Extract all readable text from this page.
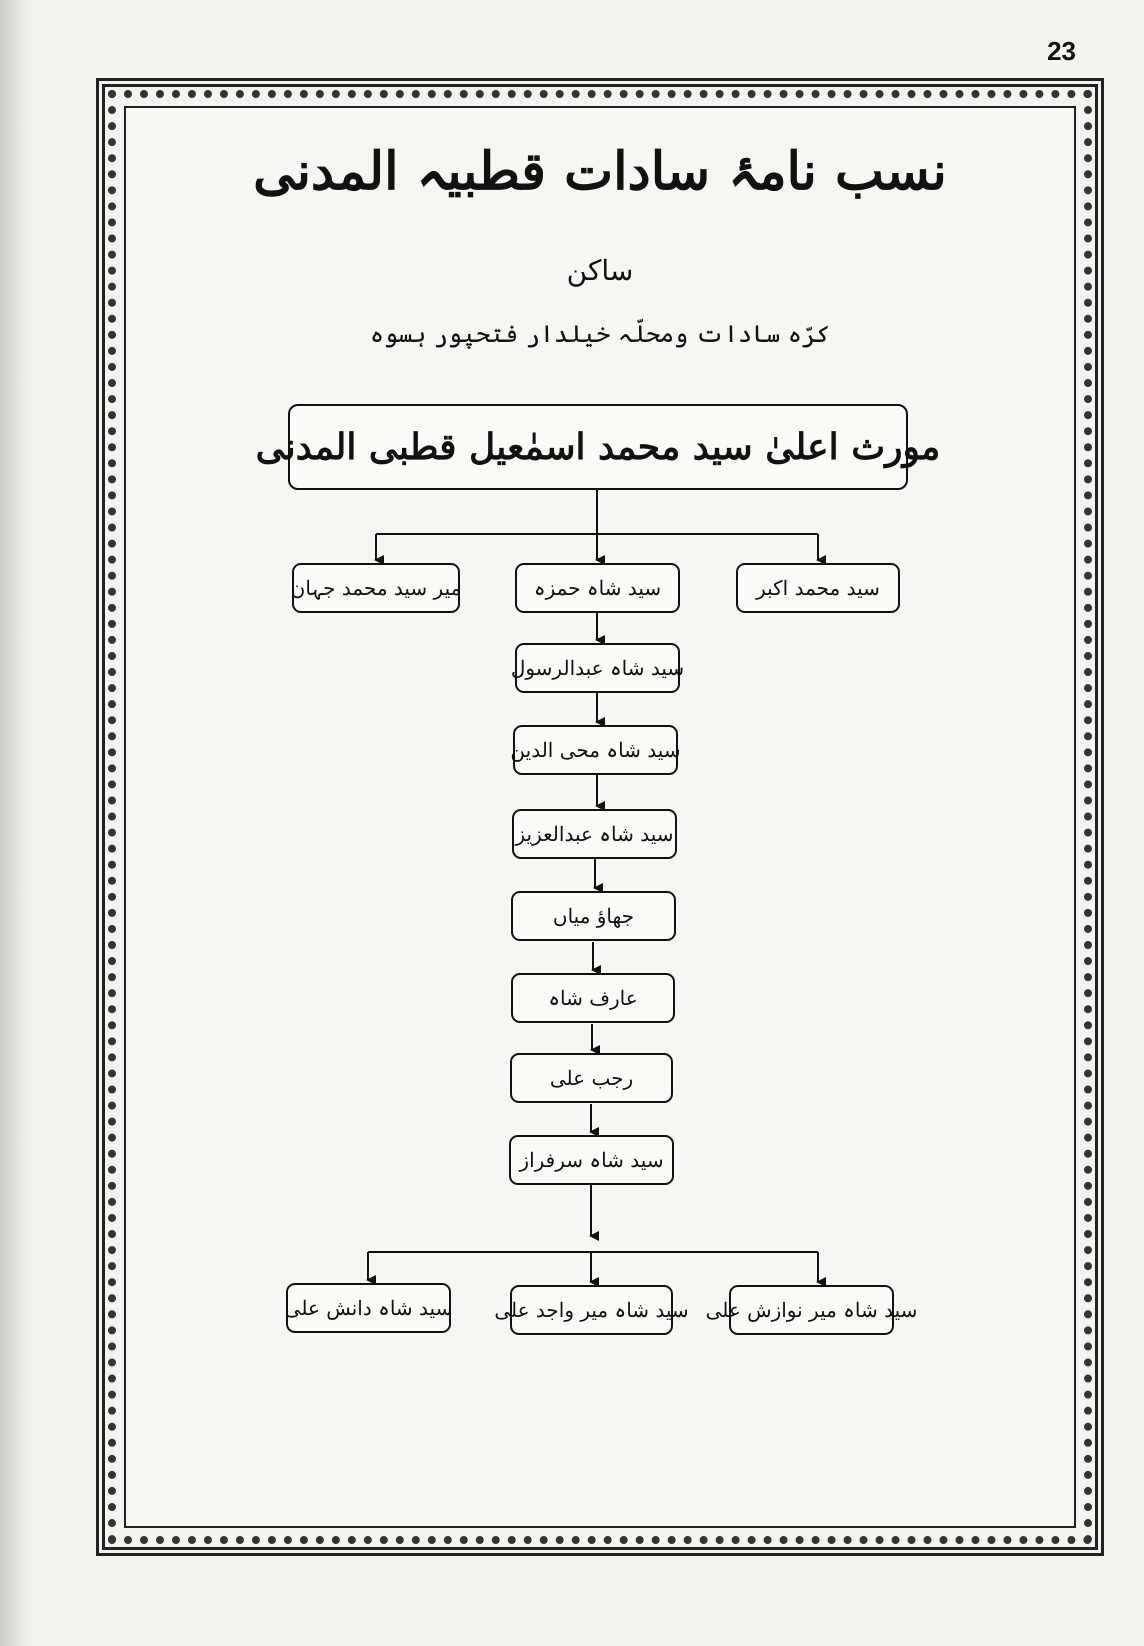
23
نسب نامۂ سادات قطبیہ المدنی
ساکن
کرّہ سادات ومحلّہ خیلدار فتحپور ہسوہ
مورث اعلیٰ سید محمد اسمٰعیل قطبی المدنی
سید محمد اکبر
سید شاہ حمزہ
میر سید محمد جہان
سید شاہ عبدالرسول
سید شاہ محی الدین
سید شاہ عبدالعزیز
جھاؤ میاں
عارف شاہ
رجب علی
سید شاہ سرفراز
سید شاہ میر نوازش علی
سید شاہ میر واجد علی
سید شاہ دانش علی
